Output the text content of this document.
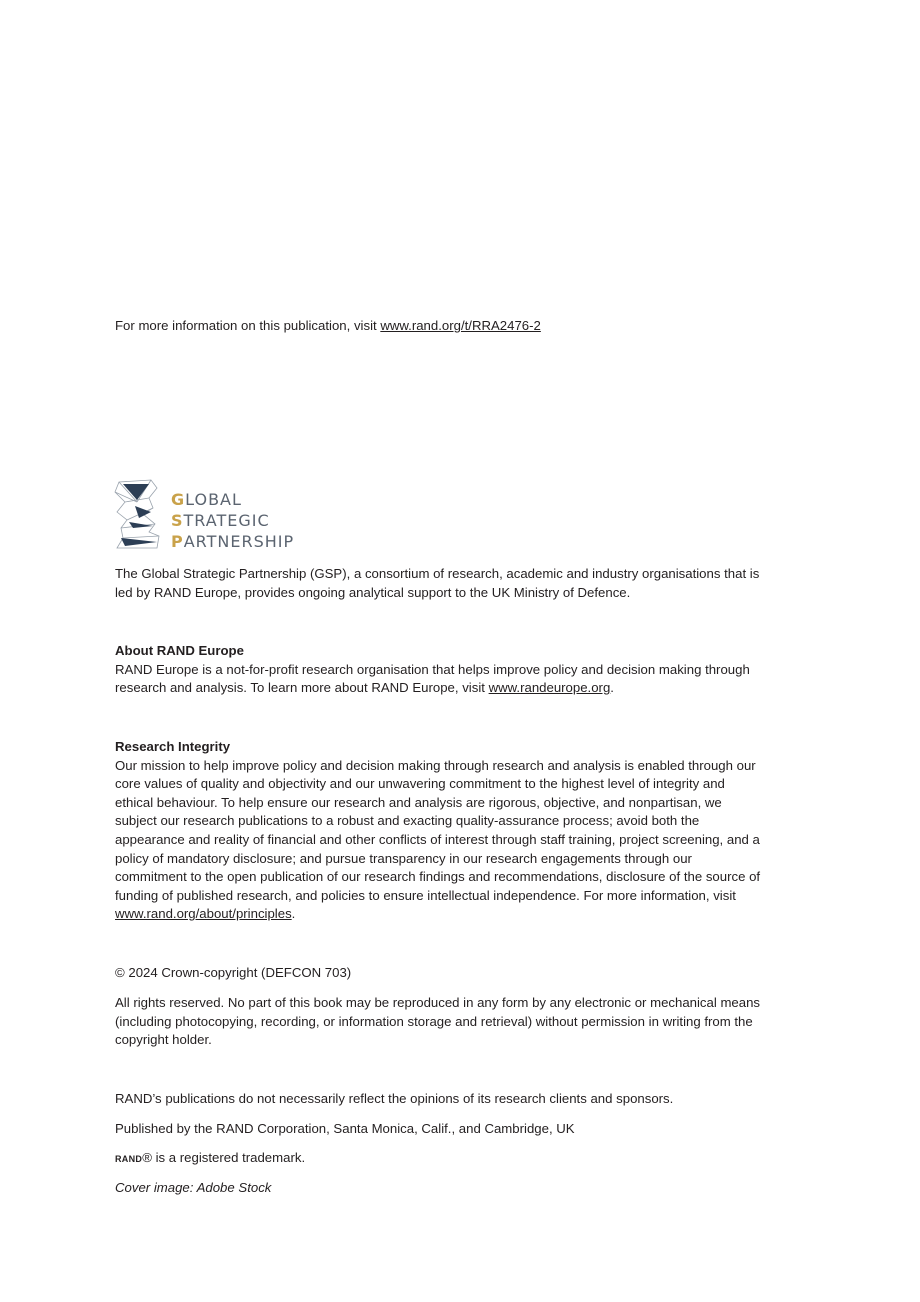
For more information on this publication, visit www.rand.org/t/RRA2476-2
GLOBAL
STRATEGIC
PARTNERSHIP

The Global Strategic Partnership (GSP), a consortium of research, academic and industry organisations that is led by RAND Europe, provides ongoing analytical support to the UK Ministry of Defence.

About RAND Europe

RAND Europe is a not-for-profit research organisation that helps improve policy and decision making through research and analysis. To learn more about RAND Europe, visit www.randeurope.org.

Research Integrity

Our mission to help improve policy and decision making through research and analysis is enabled through our core values of quality and objectivity and our unwavering commitment to the highest level of integrity and ethical behaviour. To help ensure our research and analysis are rigorous, objective, and nonpartisan, we subject our research publications to a robust and exacting quality-assurance process; avoid both the appearance and reality of financial and other conflicts of interest through staff training, project screening, and a policy of mandatory disclosure; and pursue transparency in our research engagements through our commitment to the open publication of our research findings and recommendations, disclosure of the source of funding of published research, and policies to ensure intellectual independence. For more information, visit www.rand.org/about/principles.

© 2024 Crown-copyright (DEFCON 703)

All rights reserved. No part of this book may be reproduced in any form by any electronic or mechanical means (including photocopying, recording, or information storage and retrieval) without permission in writing from the copyright holder.

RAND’s publications do not necessarily reflect the opinions of its research clients and sponsors.
Published by the RAND Corporation, Santa Monica, Calif., and Cambridge, UK
RAND® is a registered trademark.
Cover image: Adobe Stock
